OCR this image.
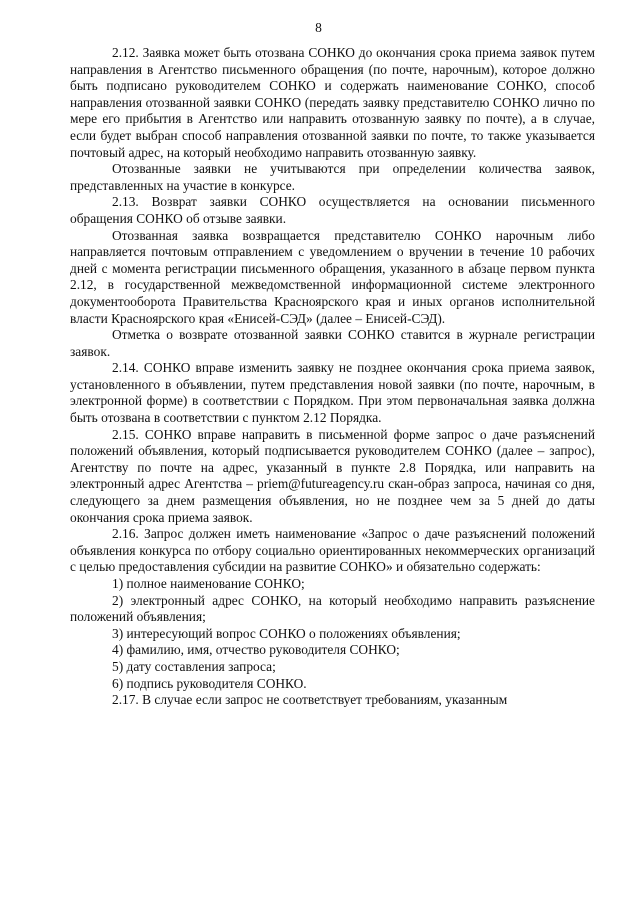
8

2.12. Заявка может быть отозвана СОНКО до окончания срока приема заявок путем направления в Агентство письменного обращения (по почте, нарочным), которое должно быть подписано руководителем СОНКО и содержать наименование СОНКО, способ направления отозванной заявки СОНКО (передать заявку представителю СОНКО лично по мере его прибытия в Агентство или направить отозванную заявку по почте), а в случае, если будет выбран способ направления отозванной заявки по почте, то также указывается почтовый адрес, на который необходимо направить отозванную заявку.

Отозванные заявки не учитываются при определении количества заявок, представленных на участие в конкурсе.

2.13. Возврат заявки СОНКО осуществляется на основании письменного обращения СОНКО об отзыве заявки.

Отозванная заявка возвращается представителю СОНКО нарочным либо направляется почтовым отправлением с уведомлением о вручении в течение 10 рабочих дней с момента регистрации письменного обращения, указанного в абзаце первом пункта 2.12, в государственной межведомственной информационной системе электронного документооборота Правительства Красноярского края и иных органов исполнительной власти Красноярского края «Енисей-СЭД» (далее – Енисей-СЭД).

Отметка о возврате отозванной заявки СОНКО ставится в журнале регистрации заявок.

2.14. СОНКО вправе изменить заявку не позднее окончания срока приема заявок, установленного в объявлении, путем представления новой заявки (по почте, нарочным, в электронной форме) в соответствии с Порядком. При этом первоначальная заявка должна быть отозвана в соответствии с пунктом 2.12 Порядка.

2.15. СОНКО вправе направить в письменной форме запрос о даче разъяснений положений объявления, который подписывается руководителем СОНКО (далее – запрос), Агентству по почте на адрес, указанный в пункте 2.8 Порядка, или направить на электронный адрес Агентства – priem@futureagency.ru скан-образ запроса, начиная со дня, следующего за днем размещения объявления, но не позднее чем за 5 дней до даты окончания срока приема заявок.

2.16. Запрос должен иметь наименование «Запрос о даче разъяснений положений объявления конкурса по отбору социально ориентированных некоммерческих организаций с целью предоставления субсидии на развитие СОНКО» и обязательно содержать:

1) полное наименование СОНКО;

2) электронный адрес СОНКО, на который необходимо направить разъяснение положений объявления;

3) интересующий вопрос СОНКО о положениях объявления;

4) фамилию, имя, отчество руководителя СОНКО;

5) дату составления запроса;

6) подпись руководителя СОНКО.

2.17. В случае если запрос не соответствует требованиям, указанным
